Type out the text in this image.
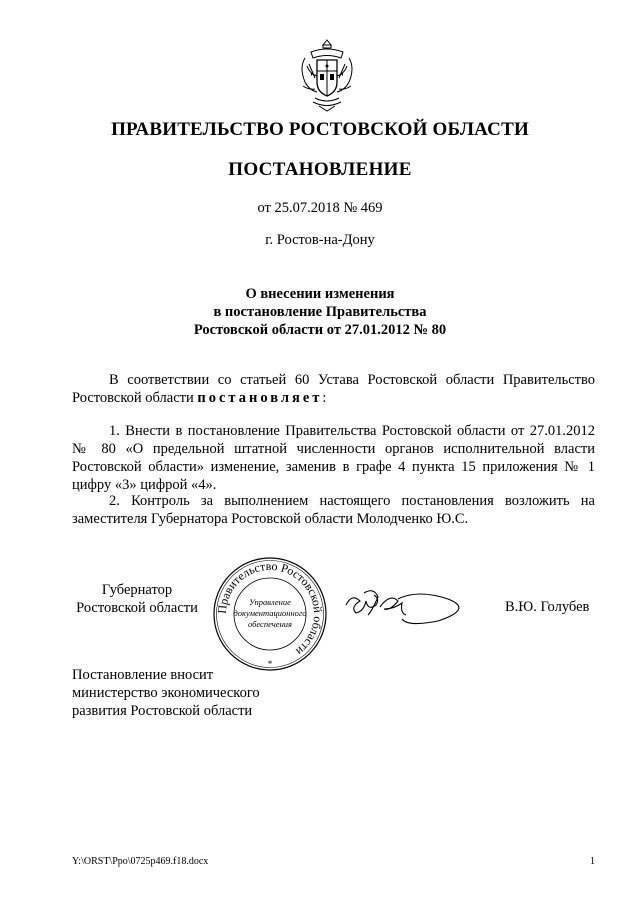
ПРАВИТЕЛЬСТВО РОСТОВСКОЙ ОБЛАСТИ
ПОСТАНОВЛЕНИЕ
от 25.07.2018 № 469
г. Ростов-на-Дону
О внесении изменения
в постановление Правительства
Ростовской области от 27.01.2012 № 80
В соответствии со статьей 60 Устава Ростовской области Правительство Ростовской области постановляет:
1. Внести в постановление Правительства Ростовской области от 27.01.2012 № 80 «О предельной штатной численности органов исполнительной власти Ростовской области» изменение, заменив в графе 4 пункта 15 приложения № 1 цифру «3» цифрой «4».
2. Контроль за выполнением настоящего постановления возложить на заместителя Губернатора Ростовской области Молодченко Ю.С.
Губернатор
Ростовской области	Правительство Ростовской области
Управление
документационного
обеспечения
*
В.Ю. Голубев
Постановление вносит
министерство экономического
развития Ростовской области
Y:\ORST\Ppo\0725p469.f18.docx	1
